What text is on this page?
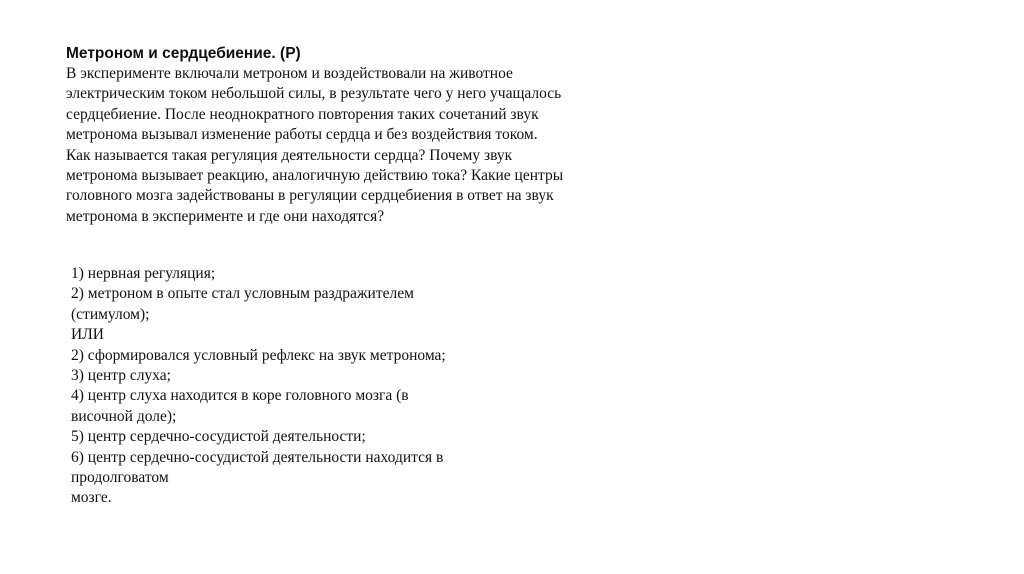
Метроном и сердцебиение. (Р)
В эксперименте включали метроном и воздействовали на животное
электрическим током небольшой силы, в результате чего у него учащалось
сердцебиение. После неоднократного повторения таких сочетаний звук
метронома вызывал изменение работы сердца и без воздействия током.
Как называется такая регуляция деятельности сердца? Почему звук
метронома вызывает реакцию, аналогичную действию тока? Какие центры
головного мозга задействованы в регуляции сердцебиения в ответ на звук
метронома в эксперименте и где они находятся?
1) нервная регуляция;
2) метроном в опыте стал условным раздражителем
(стимулом);
ИЛИ
2) сформировался условный рефлекс на звук метронома;
3) центр слуха;
4) центр слуха находится в коре головного мозга (в
височной доле);
5) центр сердечно-сосудистой деятельности;
6) центр сердечно-сосудистой деятельности находится в
продолговатом
мозге.
